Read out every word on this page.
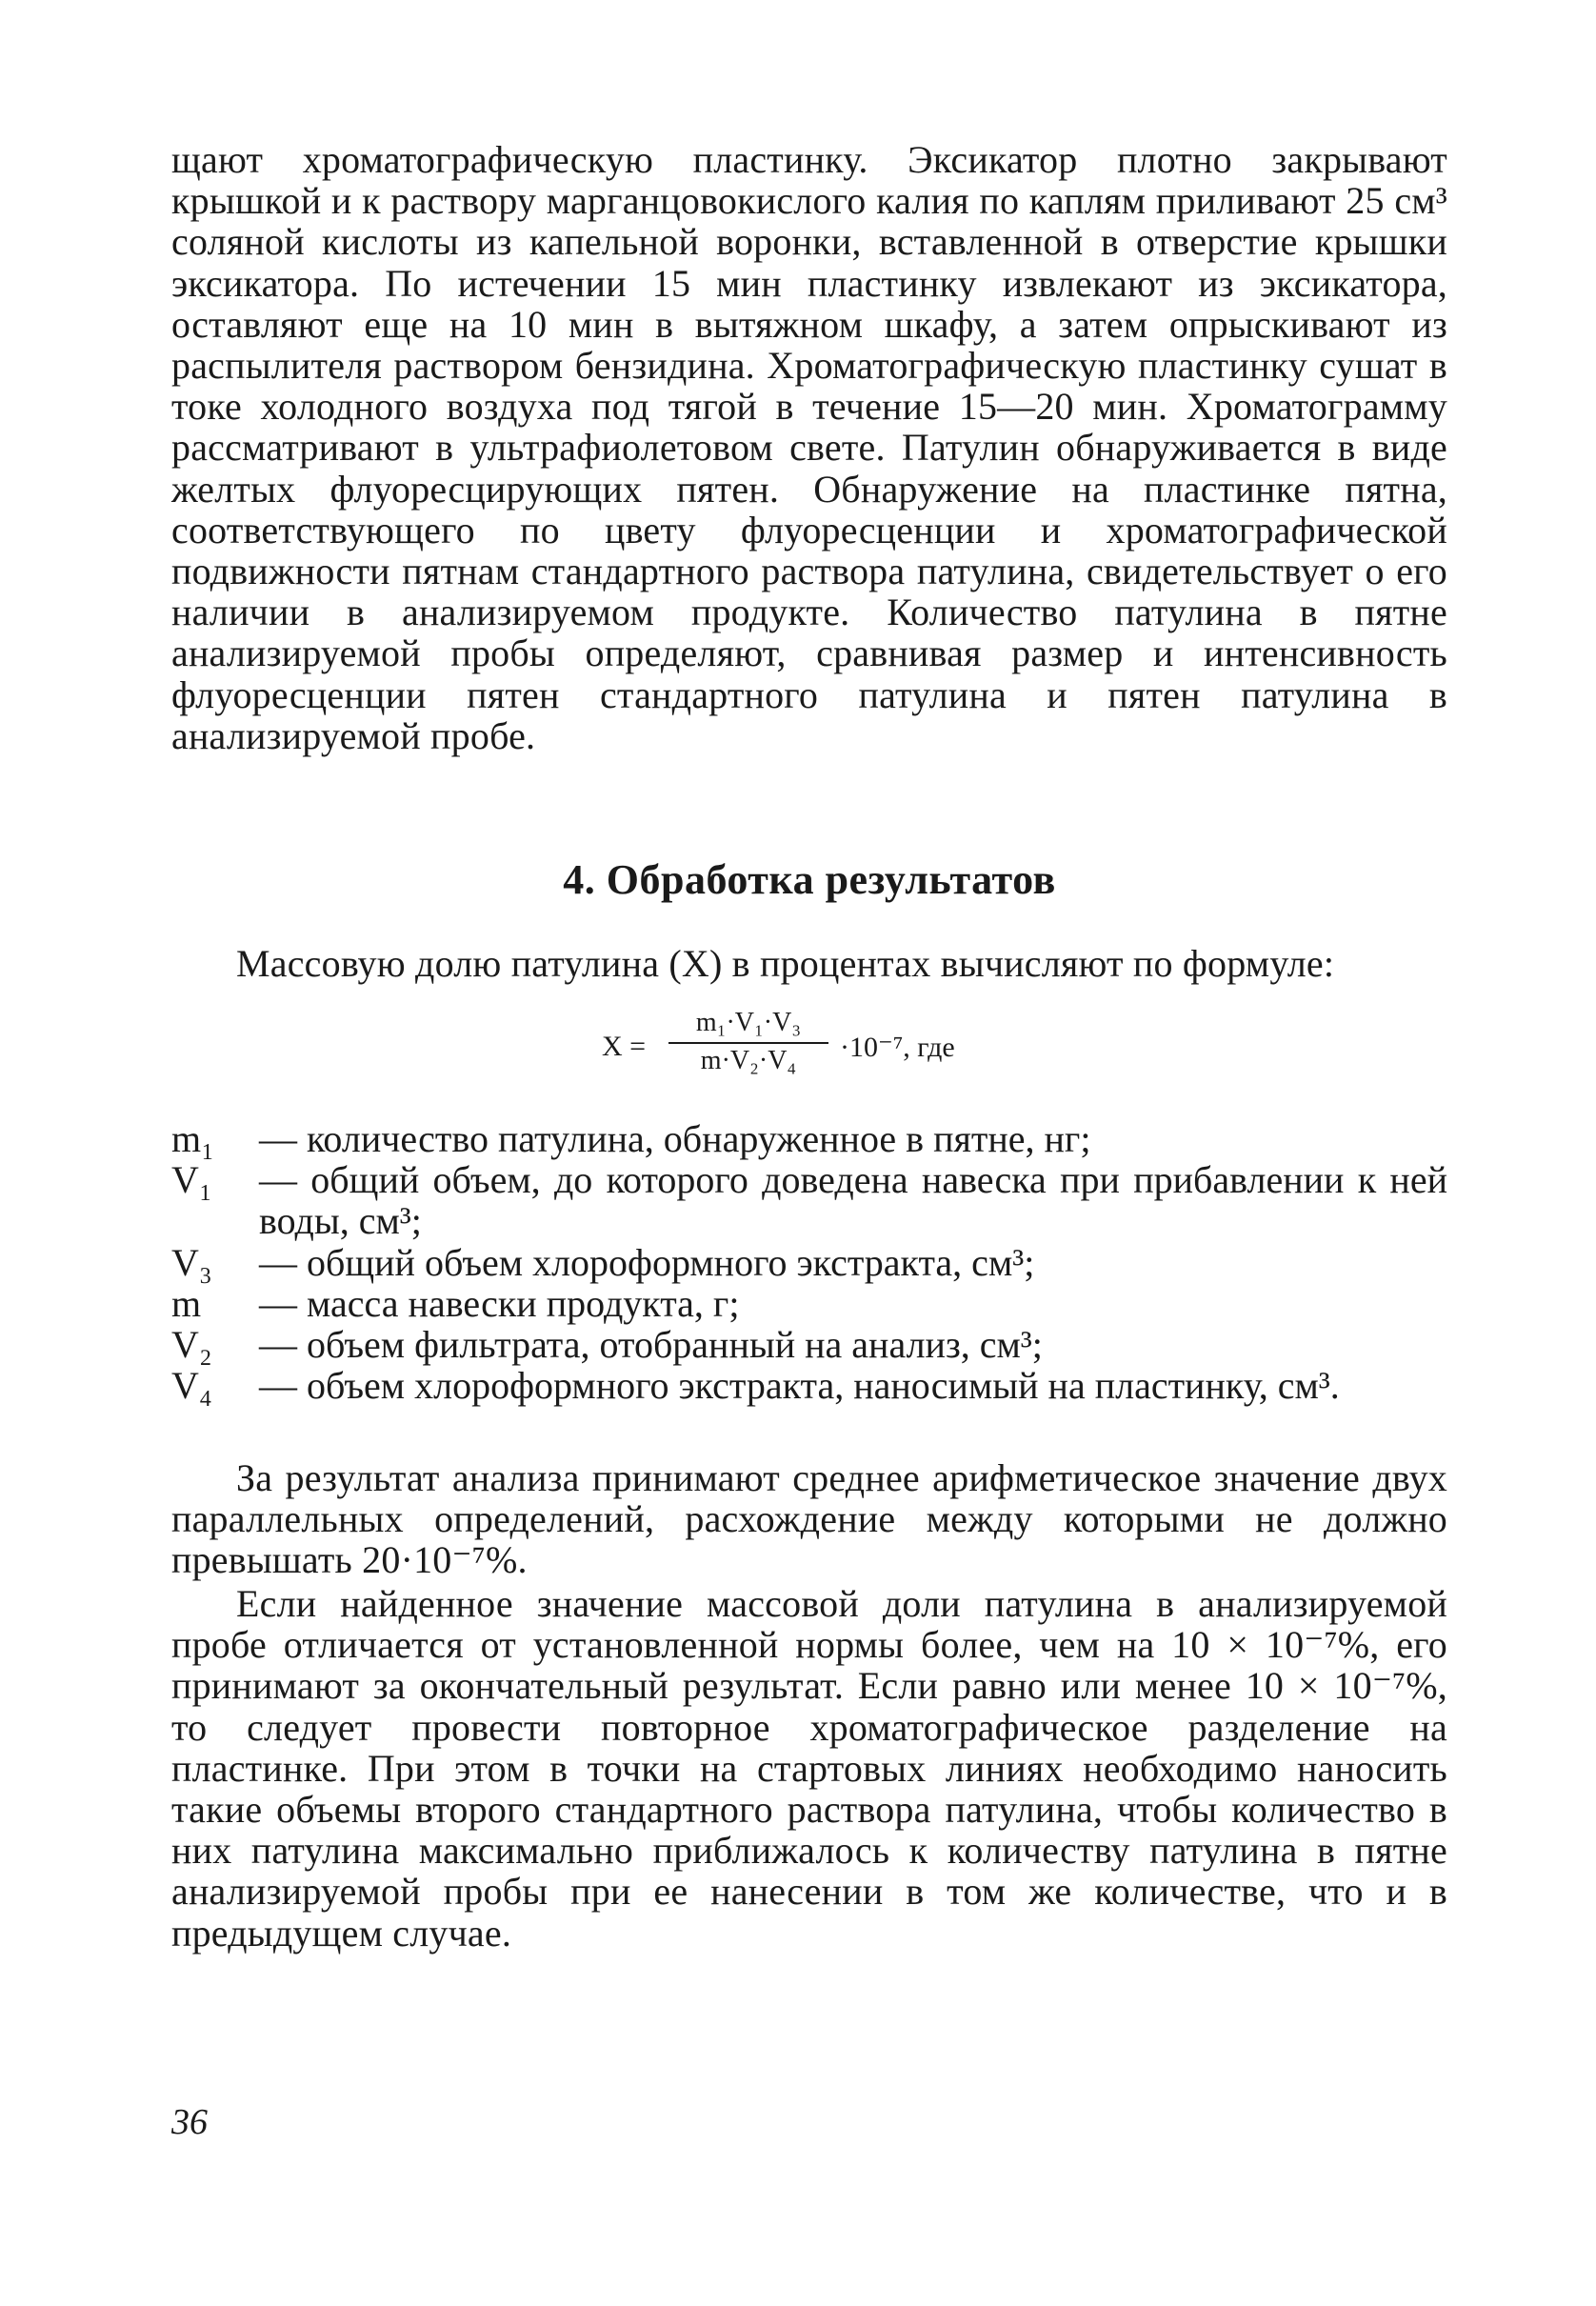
щают хроматографическую пластинку. Эксикатор плотно закрывают крышкой и к раствору марганцовокислого калия по каплям приливают 25 см³ соляной кислоты из капельной воронки, вставленной в отверстие крышки эксикатора. По истечении 15 мин пластинку извлекают из эксикатора, оставляют еще на 10 мин в вытяжном шкафу, а затем опрыскивают из распылителя раствором бензидина. Хроматографическую пластинку сушат в токе холодного воздуха под тягой в течение 15—20 мин. Хроматограмму рассматривают в ультрафиолетовом свете. Патулин обнаруживается в виде желтых флуоресцирующих пятен. Обнаружение на пластинке пятна, соответствующего по цвету флуоресценции и хроматографической подвижности пятнам стандартного раствора патулина, свидетельствует о его наличии в анализируемом продукте. Количество патулина в пятне анализируемой пробы определяют, сравнивая размер и интенсивность флуоресценции пятен стандартного патулина и пятен патулина в анализируемой пробе.

4. Обработка результатов

Массовую долю патулина (X) в процентах вычисляют по формуле:

$X = \frac{\text{m₁·V₁·V₃}}{\text{m·V₂·V₄}} \cdot 10^{-7}$, где
m₁	— количество патулина, обнаруженное в пятне, нг;
V₁	— общий объем, до которого доведена навеска при прибавлении к ней воды, см³;
V₃	— общий объем хлороформного экстракта, см³;
m	— масса навески продукта, г;
V₂	— объем фильтрата, отобранный на анализ, см³;
V₄	— объем хлороформного экстракта, наносимый на пластинку, см³.

За результат анализа принимают среднее арифметическое значение двух параллельных определений, расхождение между которыми не должно превышать 20·10⁻⁷%.

Если найденное значение массовой доли патулина в анализируемой пробе отличается от установленной нормы более, чем на 10 × 10⁻⁷%, его принимают за окончательный результат. Если равно или менее 10 × 10⁻⁷%, то следует провести повторное хроматографическое разделение на пластинке. При этом в точки на стартовых линиях необходимо наносить такие объемы второго стандартного раствора патулина, чтобы количество в них патулина максимально приближалось к количеству патулина в пятне анализируемой пробы при ее нанесении в том же количестве, что и в предыдущем случае.

36
